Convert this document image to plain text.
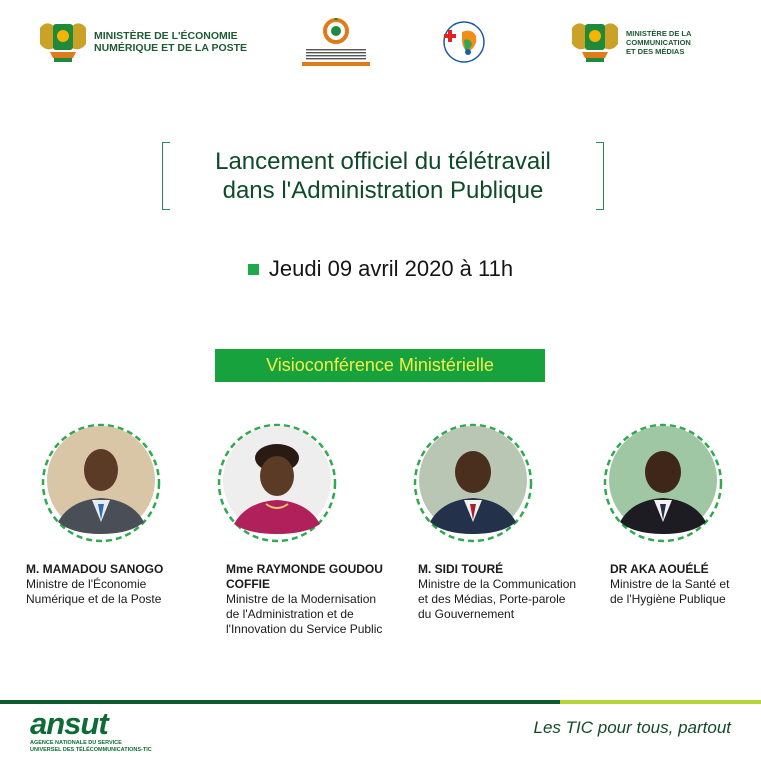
MINISTÈRE DE L'ÉCONOMIE
NUMÉRIQUE ET DE LA POSTE
MINISTÈRE DE LA
COMMUNICATION
ET DES MÉDIAS
Lancement officiel du télétravail
dans l'Administration Publique
Jeudi 09 avril 2020 à 11h
Visioconférence Ministérielle
M. MAMADOU SANOGO
Ministre de l'Économie Numérique et de la Poste
Mme RAYMONDE GOUDOU COFFIE
Ministre de la Modernisation de l'Administration et de l'Innovation du Service Public
M. SIDI TOURÉ
Ministre de la Communication et des Médias, Porte-parole du Gouvernement
DR AKA AOUÉLÉ
Ministre de la Santé et de l'Hygiène Publique
ansut
AGENCE NATIONALE DU SERVICE
UNIVERSEL DES TÉLÉCOMMUNICATIONS-TIC
Les TIC pour tous, partout
